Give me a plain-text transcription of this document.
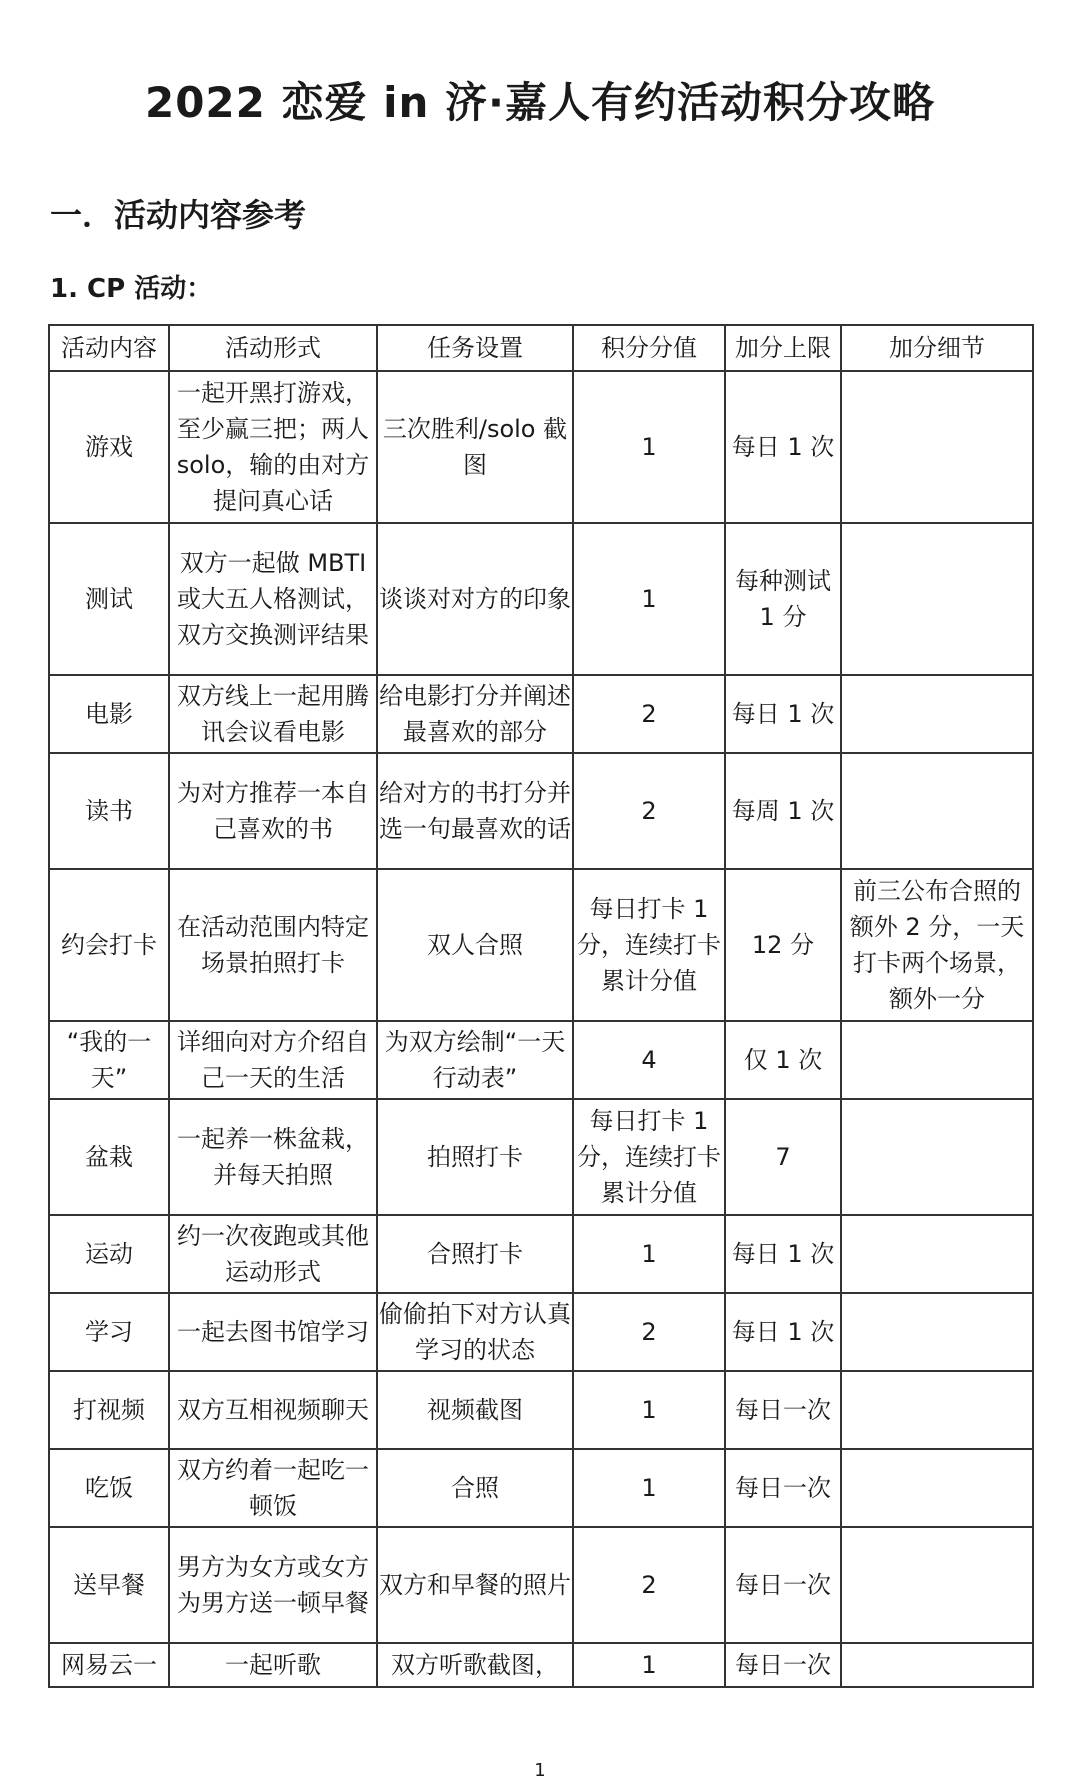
2022 恋爱 in 济·嘉人有约活动积分攻略
一．活动内容参考
1. CP 活动：
活动内容	活动形式	任务设置	积分分值	加分上限	加分细节
游戏	一起开黑打游戏，至少赢三把；两人solo，输的由对方提问真心话	三次胜利/solo 截图	1	每日 1 次	
测试	双方一起做 MBTI 或大五人格测试，双方交换测评结果	谈谈对对方的印象	1	每种测试 1 分	
电影	双方线上一起用腾讯会议看电影	给电影打分并阐述最喜欢的部分	2	每日 1 次	
读书	为对方推荐一本自己喜欢的书	给对方的书打分并选一句最喜欢的话	2	每周 1 次	
约会打卡	在活动范围内特定场景拍照打卡	双人合照	每日打卡 1 分，连续打卡累计分值	12 分	前三公布合照的额外 2 分，一天打卡两个场景，额外一分
“我的一天”	详细向对方介绍自己一天的生活	为双方绘制“一天行动表”	4	仅 1 次	
盆栽	一起养一株盆栽，并每天拍照	拍照打卡	每日打卡 1 分，连续打卡累计分值	7	
运动	约一次夜跑或其他运动形式	合照打卡	1	每日 1 次	
学习	一起去图书馆学习	偷偷拍下对方认真学习的状态	2	每日 1 次	
打视频	双方互相视频聊天	视频截图	1	每日一次	
吃饭	双方约着一起吃一顿饭	合照	1	每日一次	
送早餐	男方为女方或女方为男方送一顿早餐	双方和早餐的照片	2	每日一次	
网易云一	一起听歌	双方听歌截图，	1	每日一次	
1
